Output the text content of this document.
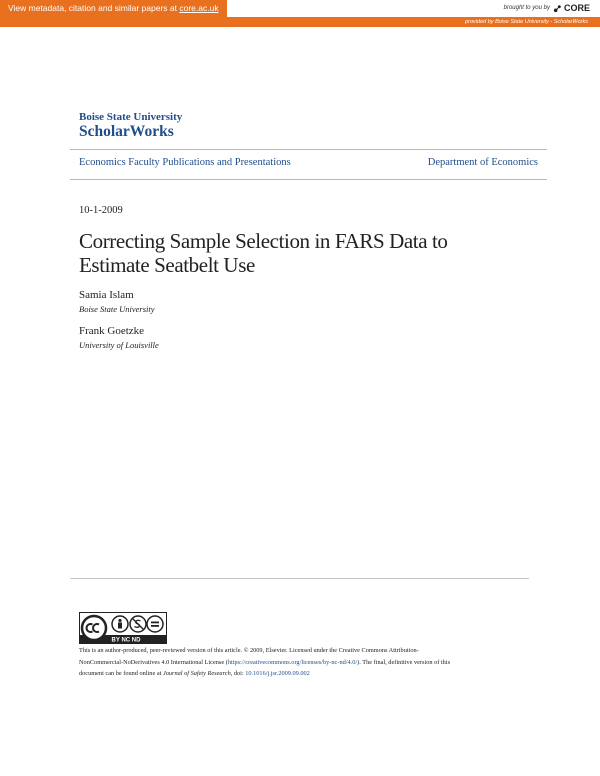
View metadata, citation and similar papers at core.ac.uk	brought to you by CORE
provided by Boise State University - ScholarWorks
Boise State University
ScholarWorks
Economics Faculty Publications and Presentations	Department of Economics
10-1-2009
Correcting Sample Selection in FARS Data to
Estimate Seatbelt Use
Samia Islam
Boise State University
Frank Goetzke
University of Louisville
BY NC ND
This is an author-produced, peer-reviewed version of this article. © 2009, Elsevier. Licensed under the Creative Commons Attribution-
NonCommercial-NoDerivatives 4.0 International License (https://creativecommons.org/licenses/by-nc-nd/4.0/). The final, definitive version of this
document can be found online at Journal of Safety Research, doi: 10.1016/j.jsr.2009.09.002
